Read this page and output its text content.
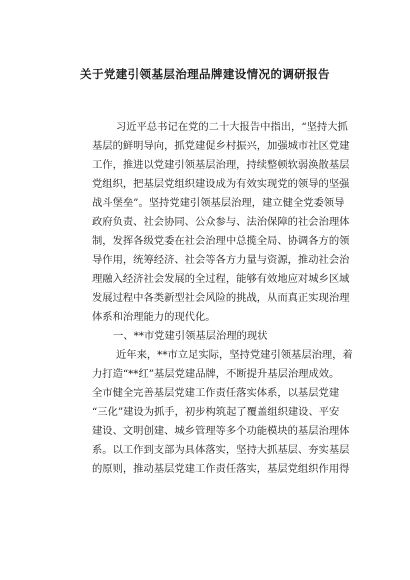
关于党建引领基层治理品牌建设情况的调研报告
习近平总书记在党的二十大报告中指出，“坚持大抓
基层的鲜明导向，抓党建促乡村振兴，加强城市社区党建
工作，推进以党建引领基层治理，持续整顿软弱涣散基层
党组织，把基层党组织建设成为有效实现党的领导的坚强
战斗堡垒”。坚持党建引领基层治理，建立健全党委领导
政府负责、社会协同、公众参与、法治保障的社会治理体
制，发挥各级党委在社会治理中总揽全局、协调各方的领
导作用，统筹经济、社会等各方力量与资源，推动社会治
理融入经济社会发展的全过程，能够有效地应对城乡区域
发展过程中各类新型社会风险的挑战，从而真正实现治理
体系和治理能力的现代化。
一、**市党建引领基层治理的现状
近年来，**市立足实际，坚持党建引领基层治理，着
力打造“**红”基层党建品牌，不断提升基层治理成效。
全市健全完善基层党建工作责任落实体系，以基层党建
“三化”建设为抓手，初步构筑起了覆盖组织建设、平安
建设、文明创建、城乡管理等多个功能模块的基层治理体
系。以工作到支部为具体落实，坚持大抓基层、夯实基层
的原则，推动基层党建工作责任落实，基层党组织作用得
